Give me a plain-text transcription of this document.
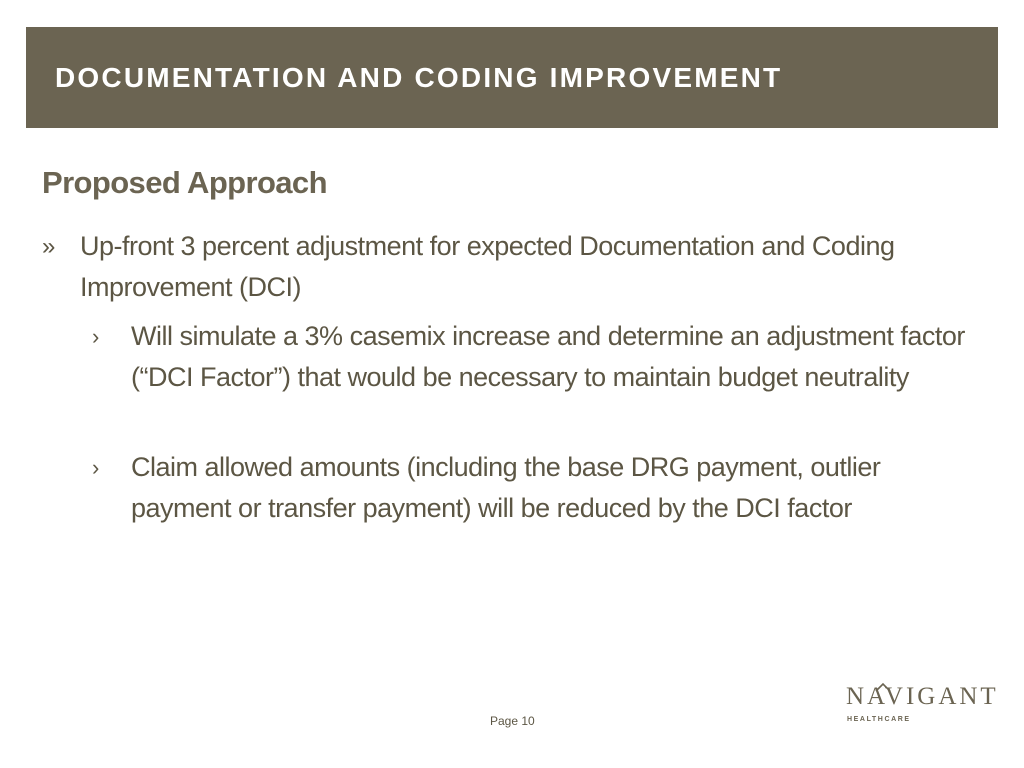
DOCUMENTATION AND CODING IMPROVEMENT
Proposed Approach
» Up-front 3 percent adjustment for expected Documentation and Coding Improvement (DCI)
› Will simulate a 3% casemix increase and determine an adjustment factor (“DCI Factor”) that would be necessary to maintain budget neutrality
› Claim allowed amounts (including the base DRG payment, outlier payment or transfer payment) will be reduced by the DCI factor
Page 10
NAVIGANT
HEALTHCARE
